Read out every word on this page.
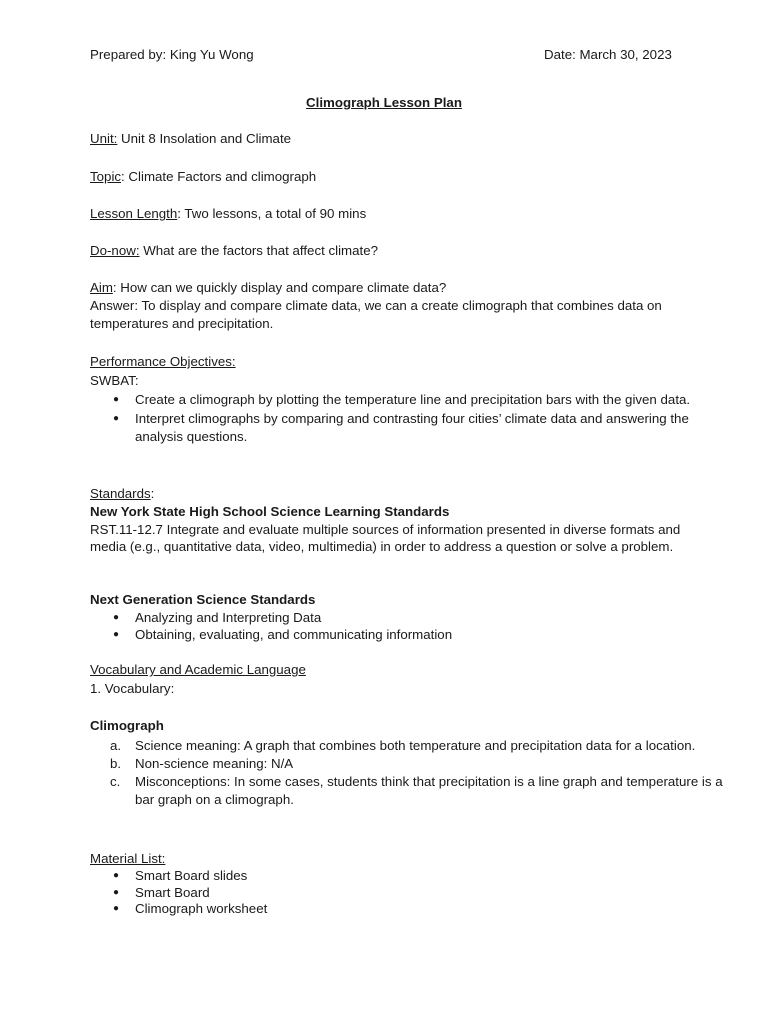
Prepared by: King Yu Wong	Date: March 30, 2023
Climograph Lesson Plan
Unit: Unit 8 Insolation and Climate
Topic: Climate Factors and climograph
Lesson Length: Two lessons, a total of 90 mins
Do-now: What are the factors that affect climate?
Aim: How can we quickly display and compare climate data?
Answer: To display and compare climate data, we can a create climograph that combines data on temperatures and precipitation.
Performance Objectives:
SWBAT:
● Create a climograph by plotting the temperature line and precipitation bars with the given data.
● Interpret climographs by comparing and contrasting four cities’ climate data and answering the analysis questions.
Standards:
New York State High School Science Learning Standards
RST.11-12.7 Integrate and evaluate multiple sources of information presented in diverse formats and media (e.g., quantitative data, video, multimedia) in order to address a question or solve a problem.
Next Generation Science Standards
● Analyzing and Interpreting Data
● Obtaining, evaluating, and communicating information
Vocabulary and Academic Language
1. Vocabulary:
Climograph
a. Science meaning: A graph that combines both temperature and precipitation data for a location.
b. Non-science meaning: N/A
c. Misconceptions: In some cases, students think that precipitation is a line graph and temperature is a bar graph on a climograph.
Material List:
● Smart Board slides
● Smart Board
● Climograph worksheet
